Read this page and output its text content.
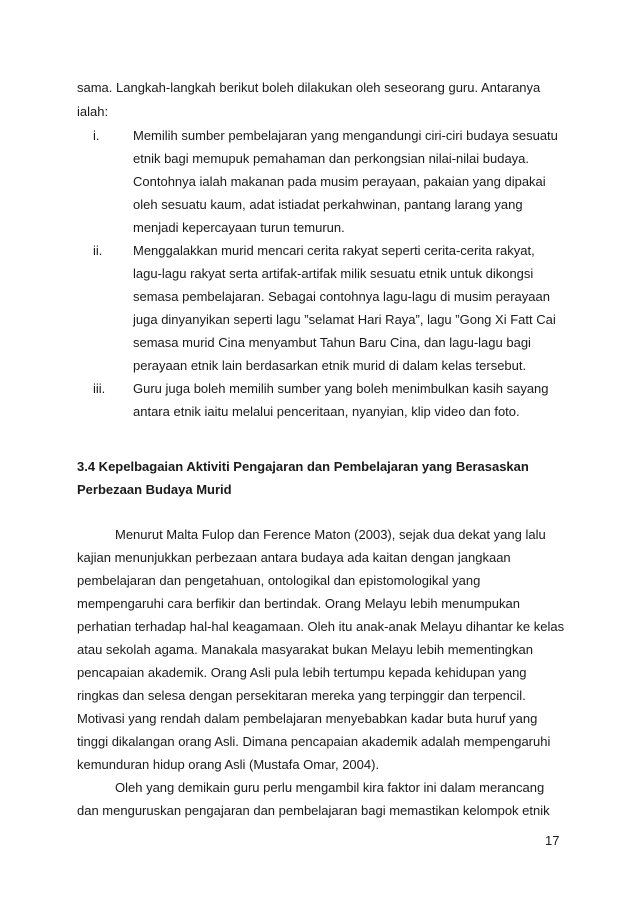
sama. Langkah-langkah berikut boleh dilakukan oleh seseorang guru. Antaranya
ialah:
i.	Memilih sumber pembelajaran yang mengandungi ciri-ciri budaya sesuatu
etnik bagi memupuk pemahaman dan perkongsian nilai-nilai budaya.
Contohnya ialah makanan pada musim perayaan, pakaian yang dipakai
oleh sesuatu kaum, adat istiadat perkahwinan, pantang larang yang
menjadi kepercayaan turun temurun.
ii. Menggalakkan murid mencari cerita rakyat seperti cerita-cerita rakyat,
lagu-lagu rakyat serta artifak-artifak milik sesuatu etnik untuk dikongsi
semasa pembelajaran. Sebagai contohnya lagu-lagu di musim perayaan
juga dinyanyikan seperti lagu ”selamat Hari Raya”, lagu ”Gong Xi Fatt Cai
semasa murid Cina menyambut Tahun Baru Cina, dan lagu-lagu bagi
perayaan etnik lain berdasarkan etnik murid di dalam kelas tersebut.
iii. Guru juga boleh memilih sumber yang boleh menimbulkan kasih sayang
antara etnik iaitu melalui penceritaan, nyanyian, klip video dan foto.
3.4 Kepelbagaian Aktiviti Pengajaran dan Pembelajaran yang Berasaskan
Perbezaan Budaya Murid
Menurut Malta Fulop dan Ference Maton (2003), sejak dua dekat yang lalu
kajian menunjukkan perbezaan antara budaya ada kaitan dengan jangkaan
pembelajaran dan pengetahuan, ontologikal dan epistomologikal yang
mempengaruhi cara berfikir dan bertindak. Orang Melayu lebih menumpukan
perhatian terhadap hal-hal keagamaan. Oleh itu anak-anak Melayu dihantar ke kelas
atau sekolah agama. Manakala masyarakat bukan Melayu lebih mementingkan
pencapaian akademik. Orang Asli pula lebih tertumpu kepada kehidupan yang
ringkas dan selesa dengan persekitaran mereka yang terpinggir dan terpencil.
Motivasi yang rendah dalam pembelajaran menyebabkan kadar buta huruf yang
tinggi dikalangan orang Asli. Dimana pencapaian akademik adalah mempengaruhi
kemunduran hidup orang Asli (Mustafa Omar, 2004).
Oleh yang demikain guru perlu mengambil kira faktor ini dalam merancang
dan menguruskan pengajaran dan pembelajaran bagi memastikan kelompok etnik
17
